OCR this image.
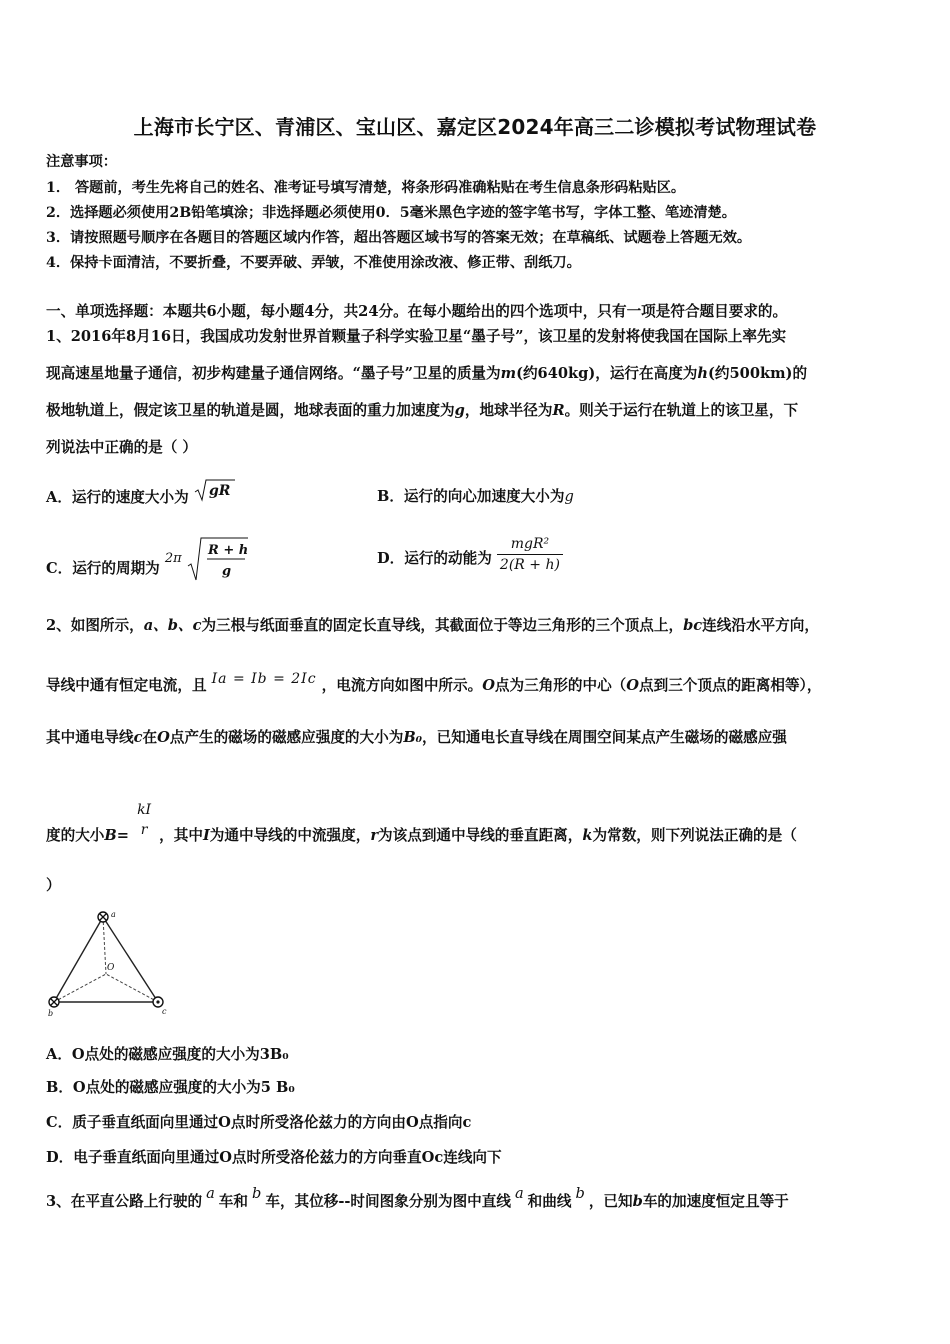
上海市长宁区、青浦区、宝山区、嘉定区2024年高三二诊模拟考试物理试卷
注意事项：
1． 答题前，考生先将自己的姓名、准考证号填写清楚，将条形码准确粘贴在考生信息条形码粘贴区。
2．选择题必须使用2B铅笔填涂；非选择题必须使用0．5毫米黑色字迹的签字笔书写，字体工整、笔迹清楚。
3．请按照题号顺序在各题目的答题区域内作答，超出答题区域书写的答案无效；在草稿纸、试题卷上答题无效。
4．保持卡面清洁，不要折叠，不要弄破、弄皱，不准使用涂改液、修正带、刮纸刀。
一、单项选择题：本题共6小题，每小题4分，共24分。在每小题给出的四个选项中，只有一项是符合题目要求的。
1、2016年8月16日，我国成功发射世界首颗量子科学实验卫星“墨子号”，该卫星的发射将使我国在国际上率先实
现高速星地量子通信，初步构建量子通信网络。“墨子号”卫星的质量为m(约640kg)，运行在高度为h(约500km)的
极地轨道上，假定该卫星的轨道是圆，地球表面的重力加速度为g，地球半径为R。则关于运行在轨道上的该卫星，下
列说法中正确的是（ ）
A．运行的速度大小为 gR	B．运行的向心加速度大小为g
C．运行的周期为 2π
R + h
g
D．运行的动能为 $\frac{\text{mgR²}}{2(R + h)}$
2、如图所示，a、b、c为三根与纸面垂直的固定长直导线，其截面位于等边三角形的三个顶点上，bc连线沿水平方向，
导线中通有恒定电流，且 Ia = Ib = 2Ic ，电流方向如图中所示。O点为三角形的中心（O点到三个顶点的距离相等），
其中通电导线c在O点产生的磁场的磁感应强度的大小为B₀，已知通电长直导线在周围空间某点产生磁场的磁感应强
度的大小B=
kI
r ，其中I为通中导线的中流强度，r为该点到通中导线的垂直距离，k为常数，则下列说法正确的是（
）
a
b	c
O
A．O点处的磁感应强度的大小为3B₀
B．O点处的磁感应强度的大小为5 B₀
C．质子垂直纸面向里通过O点时所受洛伦兹力的方向由O点指向c
D．电子垂直纸面向里通过O点时所受洛伦兹力的方向垂直Oc连线向下
3、在平直公路上行驶的 a 车和 b 车，其位移--时间图象分别为图中直线 a 和曲线 b ，已知b车的加速度恒定且等于
